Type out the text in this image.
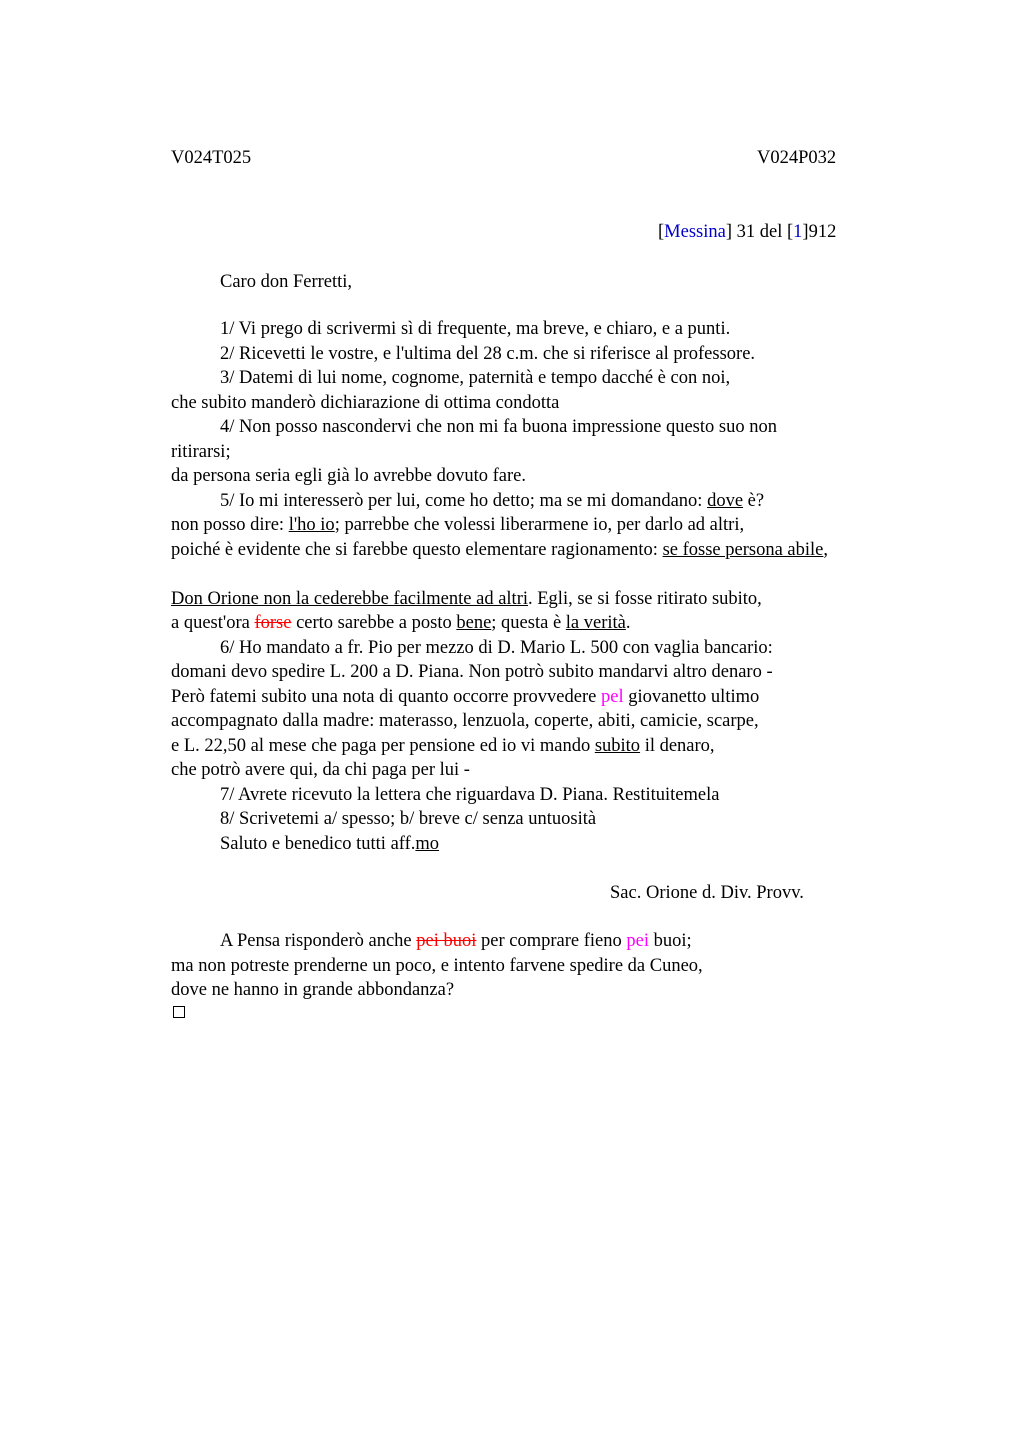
V024T025	V024P032
[Messina] 31 del [1]912
Caro don Ferretti,
1/ Vi prego di scrivermi sì di frequente, ma breve, e chiaro, e a punti.
2/ Ricevetti le vostre, e l'ultima del 28 c.m. che si riferisce al professore.
3/ Datemi di lui nome, cognome, paternità e tempo dacché è con noi,
che subito manderò dichiarazione di ottima condotta
4/ Non posso nascondervi che non mi fa buona impressione questo suo non
ritirarsi;
da persona seria egli già lo avrebbe dovuto fare.
5/ Io mi interesserò per lui, come ho detto; ma se mi domandano: dove è?
non posso dire: l'ho io; parrebbe che volessi liberarmene io, per darlo ad altri,
poiché è evidente che si farebbe questo elementare ragionamento: se fosse persona abile,
Don Orione non la cederebbe facilmente ad altri. Egli, se si fosse ritirato subito,
a quest'ora forse certo sarebbe a posto bene; questa è la verità.
6/ Ho mandato a fr. Pio per mezzo di D. Mario L. 500 con vaglia bancario:
domani devo spedire L. 200 a D. Piana. Non potrò subito mandarvi altro denaro -
Però fatemi subito una nota di quanto occorre provvedere pel giovanetto ultimo
accompagnato dalla madre: materasso, lenzuola, coperte, abiti, camicie, scarpe,
e L. 22,50 al mese che paga per pensione ed io vi mando subito il denaro,
che potrò avere qui, da chi paga per lui -
7/ Avrete ricevuto la lettera che riguardava D. Piana. Restituitemela
8/ Scrivetemi a/ spesso; b/ breve c/ senza untuosità
Saluto e benedico tutti aff.mo
Sac. Orione d. Div. Provv.
A Pensa risponderò anche pei buoi per comprare fieno pei buoi;
ma non potreste prenderne un poco, e intento farvene spedire da Cuneo,
dove ne hanno in grande abbondanza?
